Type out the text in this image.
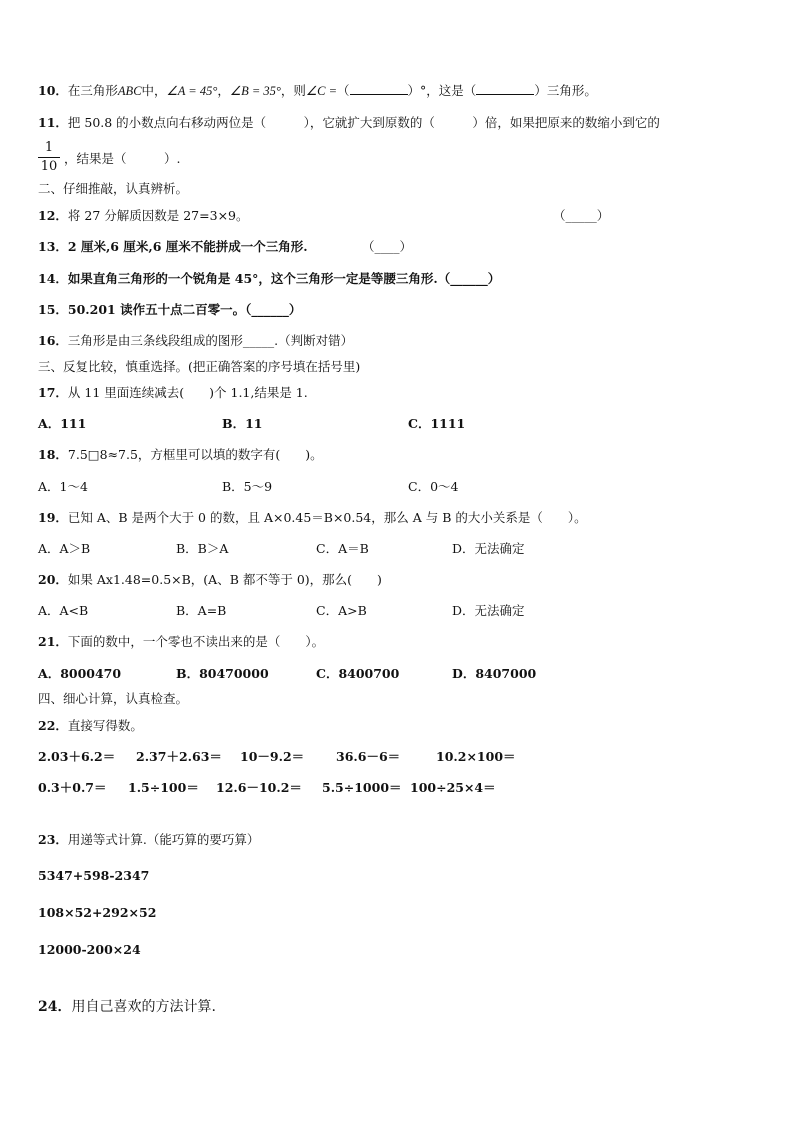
10．在三角形ABC中，∠A = 45°，∠B = 35°，则∠C =（	）°，这是（	）三角形。
11．把 50.8 的小数点向右移动两位是（　　　），它就扩大到原数的（　　　）倍，如果把原来的数缩小到它的
1
10
，结果是（　　　）.
二、仔细推敲，认真辨析。
12．将 27 分解质因数是 27=3×9。	（_____）
13．2 厘米,6 厘米,6 厘米不能拼成一个三角形.	（____）
14．如果直角三角形的一个锐角是 45°，这个三角形一定是等腰三角形.（______）
15．50.201 读作五十点二百零一。（______）
16．三角形是由三条线段组成的图形_____.（判断对错）
三、反复比较，慎重选择。(把正确答案的序号填在括号里)
17．从 11 里面连续减去(　　)个 1.1,结果是 1.
A．111	B．11	C．1111
18．7.5□8≈7.5，方框里可以填的数字有(　　)。
A．1～4	B．5～9	C．0～4
19．已知 A、B 是两个大于 0 的数，且 A×0.45＝B×0.54，那么 A 与 B 的大小关系是（　　）。
A．A＞B	B．B＞A	C．A＝B	D．无法确定
20．如果 Ax1.48=0.5×B，(A、B 都不等于 0)，那么(　　)
A．A<B	B．A=B	C．A>B	D．无法确定
21．下面的数中，一个零也不读出来的是（　　）。
A．8000470	B．80470000	C．8400700	D．8407000
四、细心计算，认真检查。
22．直接写得数。
2.03＋6.2＝ 2.37＋2.63＝ 10－9.2＝	36.6－6＝	10.2×100＝
0.3＋0.7＝ 1.5÷100＝ 12.6－10.2＝ 5.5÷1000＝ 100÷25×4＝
23．用递等式计算.（能巧算的要巧算）
5347+598-2347
108×52+292×52
12000-200×24
24．用自己喜欢的方法计算.
